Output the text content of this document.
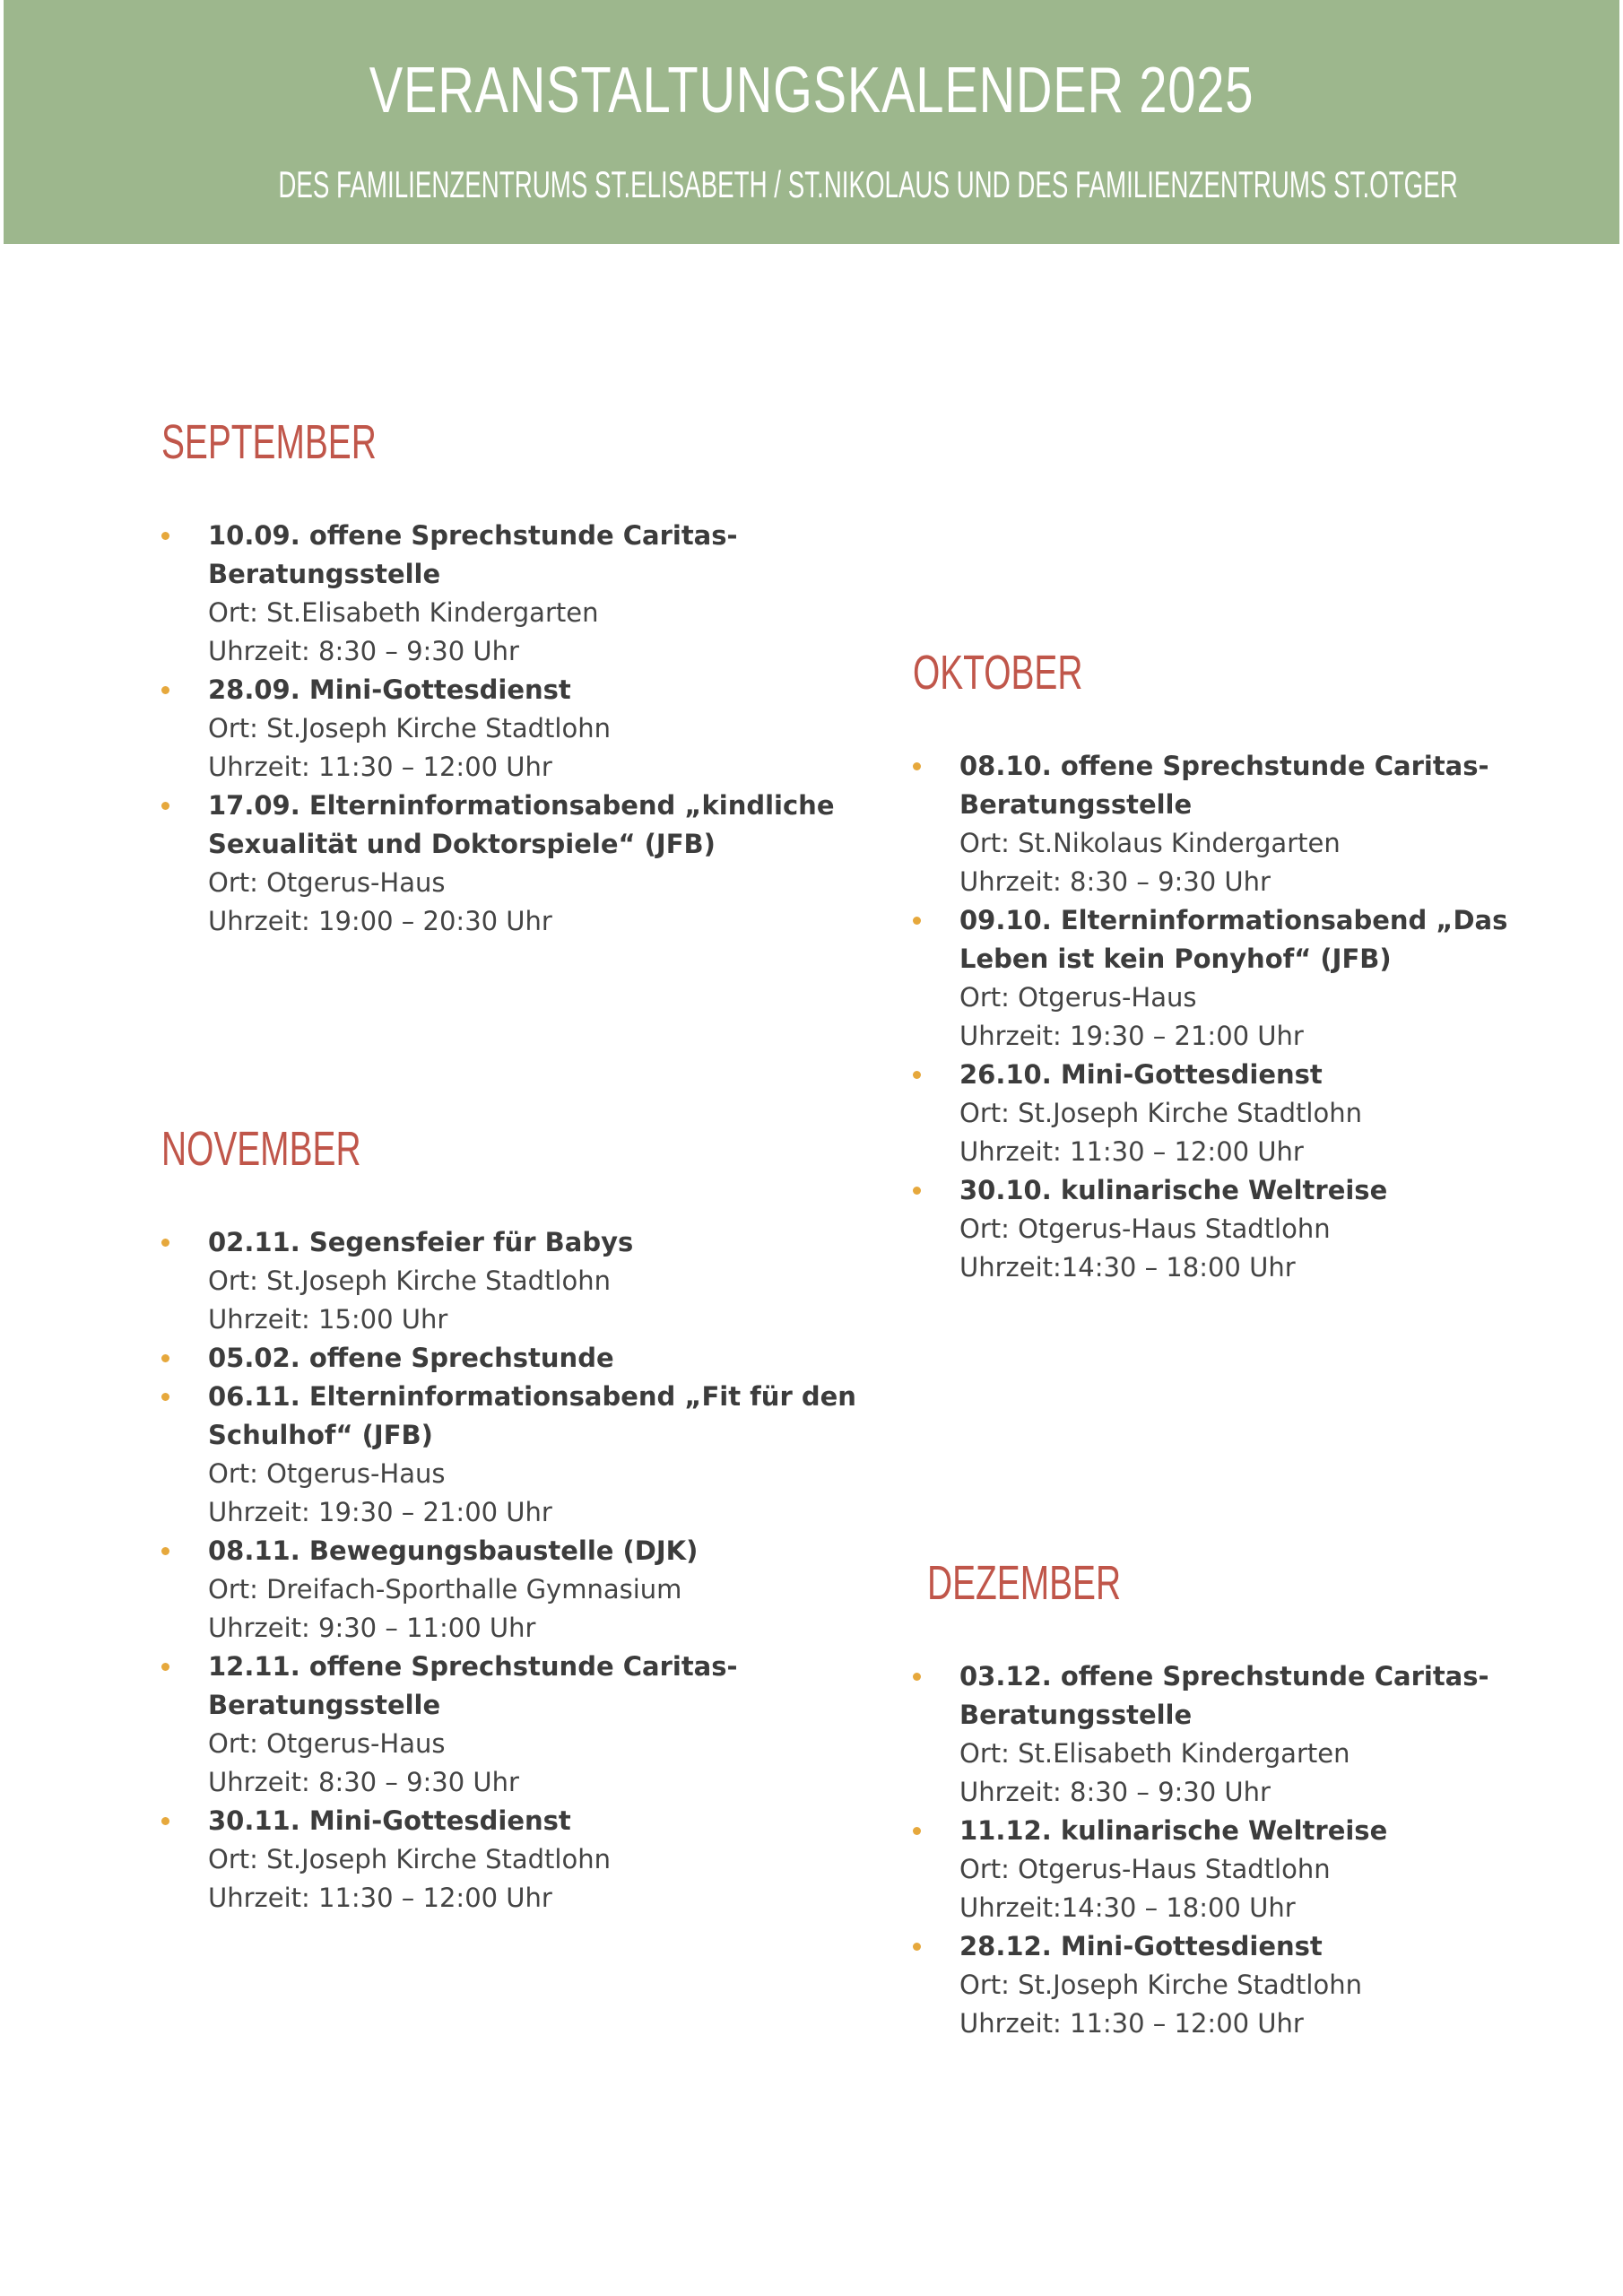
VERANSTALTUNGSKALENDER 2025
DES FAMILIENZENTRUMS ST.ELISABETH / ST.NIKOLAUS UND DES FAMILIENZENTRUMS ST.OTGER
SEPTEMBER
10.09. offene Sprechstunde Caritas-
Beratungsstelle
Ort: St.Elisabeth Kindergarten
Uhrzeit: 8:30 – 9:30 Uhr
28.09. Mini-Gottesdienst
Ort: St.Joseph Kirche Stadtlohn
Uhrzeit: 11:30 – 12:00 Uhr
17.09. Elterninformationsabend „kindliche
Sexualität und Doktorspiele“ (JFB)
Ort: Otgerus-Haus
Uhrzeit: 19:00 – 20:30 Uhr
OKTOBER
08.10. offene Sprechstunde Caritas-
Beratungsstelle
Ort: St.Nikolaus Kindergarten
Uhrzeit: 8:30 – 9:30 Uhr
09.10. Elterninformationsabend „Das
Leben ist kein Ponyhof“ (JFB)
Ort: Otgerus-Haus
Uhrzeit: 19:30 – 21:00 Uhr
26.10. Mini-Gottesdienst
Ort: St.Joseph Kirche Stadtlohn
Uhrzeit: 11:30 – 12:00 Uhr
30.10. kulinarische Weltreise
Ort: Otgerus-Haus Stadtlohn
Uhrzeit:14:30 – 18:00 Uhr
NOVEMBER
02.11. Segensfeier für Babys
Ort: St.Joseph Kirche Stadtlohn
Uhrzeit: 15:00 Uhr
05.02. offene Sprechstunde
06.11. Elterninformationsabend „Fit für den
Schulhof“ (JFB)
Ort: Otgerus-Haus
Uhrzeit: 19:30 – 21:00 Uhr
08.11. Bewegungsbaustelle (DJK)
Ort: Dreifach-Sporthalle Gymnasium
Uhrzeit: 9:30 – 11:00 Uhr
12.11. offene Sprechstunde Caritas-
Beratungsstelle
Ort: Otgerus-Haus
Uhrzeit: 8:30 – 9:30 Uhr
30.11. Mini-Gottesdienst
Ort: St.Joseph Kirche Stadtlohn
Uhrzeit: 11:30 – 12:00 Uhr
DEZEMBER
03.12. offene Sprechstunde Caritas-
Beratungsstelle
Ort: St.Elisabeth Kindergarten
Uhrzeit: 8:30 – 9:30 Uhr
11.12. kulinarische Weltreise
Ort: Otgerus-Haus Stadtlohn
Uhrzeit:14:30 – 18:00 Uhr
28.12. Mini-Gottesdienst
Ort: St.Joseph Kirche Stadtlohn
Uhrzeit: 11:30 – 12:00 Uhr
